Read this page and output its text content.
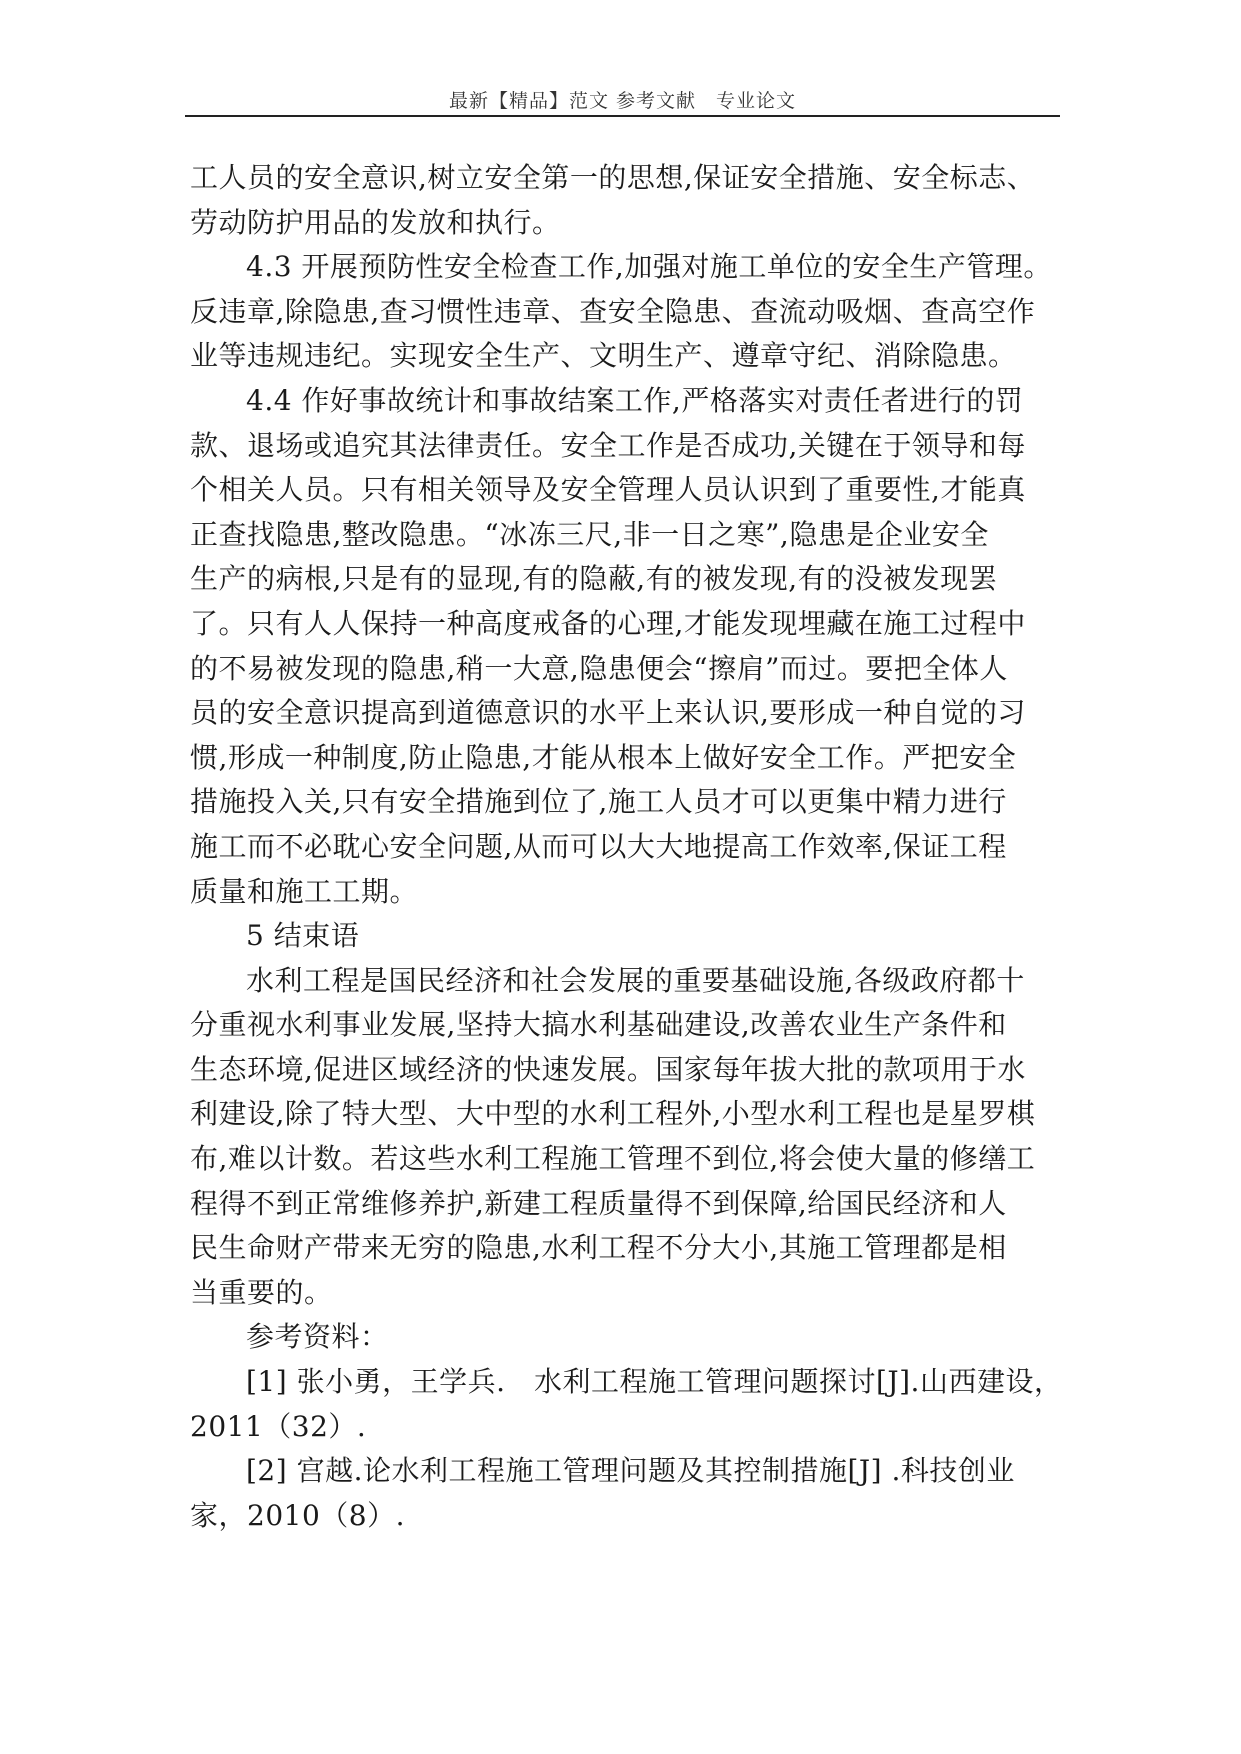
最新【精品】范文 参考文献　专业论文
工人员的安全意识,树立安全第一的思想,保证安全措施、安全标志、
劳动防护用品的发放和执行。
4.3 开展预防性安全检查工作,加强对施工单位的安全生产管理。
反违章,除隐患,查习惯性违章、查安全隐患、查流动吸烟、查高空作
业等违规违纪。实现安全生产、文明生产、遵章守纪、消除隐患。
4.4 作好事故统计和事故结案工作,严格落实对责任者进行的罚
款、退场或追究其法律责任。安全工作是否成功,关键在于领导和每
个相关人员。只有相关领导及安全管理人员认识到了重要性,才能真
正查找隐患,整改隐患。“冰冻三尺,非一日之寒”,隐患是企业安全
生产的病根,只是有的显现,有的隐蔽,有的被发现,有的没被发现罢
了。只有人人保持一种高度戒备的心理,才能发现埋藏在施工过程中
的不易被发现的隐患,稍一大意,隐患便会“擦肩”而过。要把全体人
员的安全意识提高到道德意识的水平上来认识,要形成一种自觉的习
惯,形成一种制度,防止隐患,才能从根本上做好安全工作。严把安全
措施投入关,只有安全措施到位了,施工人员才可以更集中精力进行
施工而不必耽心安全问题,从而可以大大地提高工作效率,保证工程
质量和施工工期。
5 结束语
水利工程是国民经济和社会发展的重要基础设施,各级政府都十
分重视水利事业发展,坚持大搞水利基础建设,改善农业生产条件和
生态环境,促进区域经济的快速发展。国家每年拔大批的款项用于水
利建设,除了特大型、大中型的水利工程外,小型水利工程也是星罗棋
布,难以计数。若这些水利工程施工管理不到位,将会使大量的修缮工
程得不到正常维修养护,新建工程质量得不到保障,给国民经济和人
民生命财产带来无穷的隐患,水利工程不分大小,其施工管理都是相
当重要的。
参考资料：
[1] 张小勇，王学兵.　水利工程施工管理问题探讨[J].山西建设，
2011（32）.
[2] 宫越.论水利工程施工管理问题及其控制措施[J] .科技创业
家，2010（8）.
